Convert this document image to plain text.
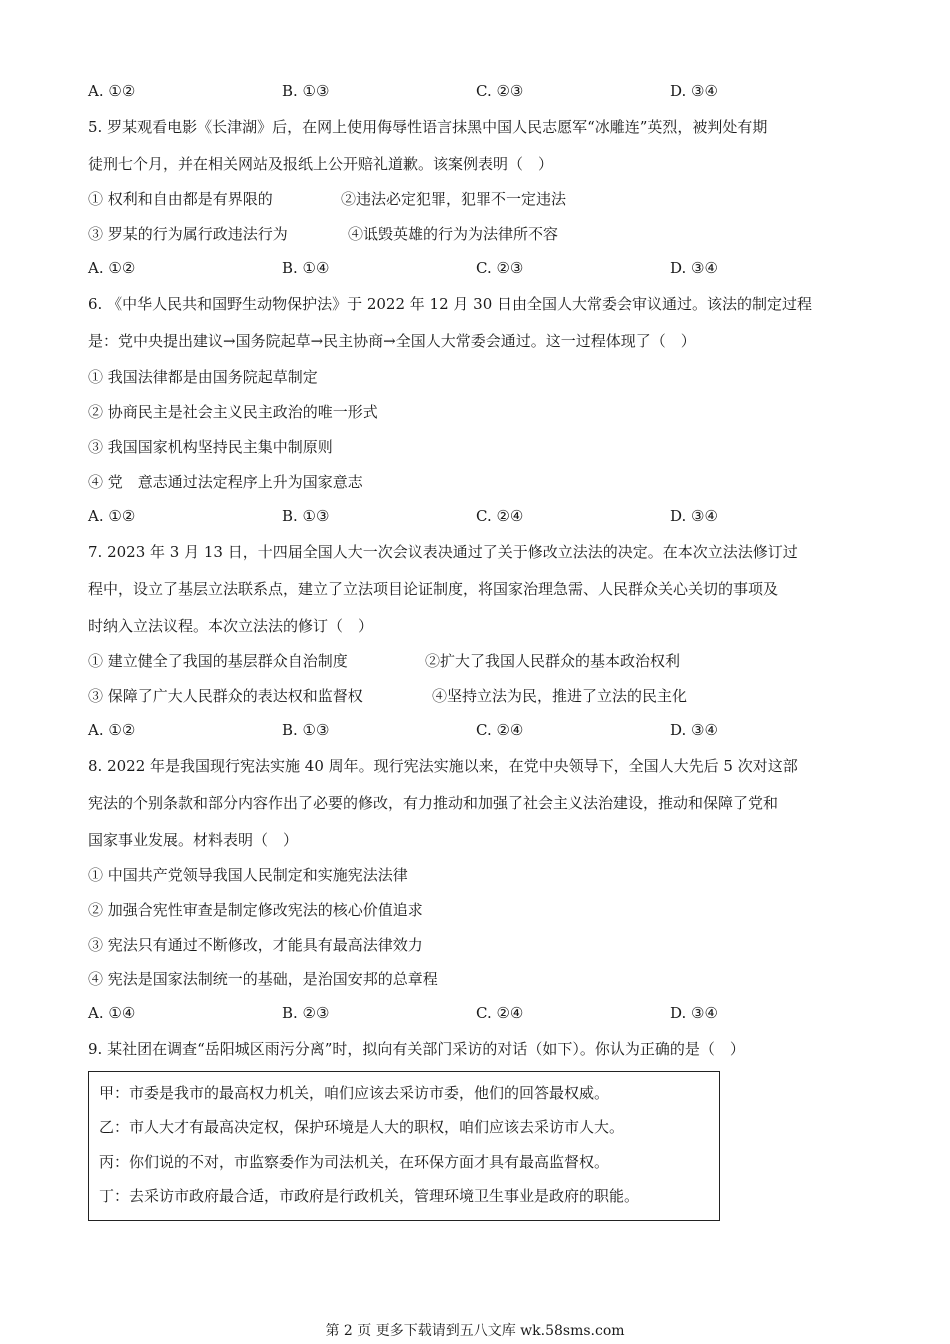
A. ①②	B. ①③	C. ②③	D. ③④
5. 罗某观看电影《长津湖》后，在网上使用侮辱性语言抹黑中国人民志愿军“冰雕连”英烈，被判处有期
徒刑七个月，并在相关网站及报纸上公开赔礼道歉。该案例表明（　）
① 权利和自由都是有界限的	②违法必定犯罪，犯罪不一定违法
③ 罗某的行为属行政违法行为	④诋毁英雄的行为为法律所不容
A. ①②	B. ①④	C. ②③	D. ③④
6. 《中华人民共和国野生动物保护法》于 2022 年 12 月 30 日由全国人大常委会审议通过。该法的制定过程
是：党中央提出建议→国务院起草→民主协商→全国人大常委会通过。这一过程体现了（　）
① 我国法律都是由国务院起草制定
② 协商民主是社会主义民主政治的唯一形式
③ 我国国家机构坚持民主集中制原则
④ 党　意志通过法定程序上升为国家意志
A. ①②	B. ①③	C. ②④	D. ③④
7. 2023 年 3 月 13 日，十四届全国人大一次会议表决通过了关于修改立法法的决定。在本次立法法修订过
程中，设立了基层立法联系点，建立了立法项目论证制度，将国家治理急需、人民群众关心关切的事项及
时纳入立法议程。本次立法法的修订（　）
① 建立健全了我国的基层群众自治制度	②扩大了我国人民群众的基本政治权利
③ 保障了广大人民群众的表达权和监督权	④坚持立法为民，推进了立法的民主化
A. ①②	B. ①③	C. ②④	D. ③④
8. 2022 年是我国现行宪法实施 40 周年。现行宪法实施以来，在党中央领导下，全国人大先后 5 次对这部
宪法的个别条款和部分内容作出了必要的修改，有力推动和加强了社会主义法治建设，推动和保障了党和
国家事业发展。材料表明（　）
① 中国共产党领导我国人民制定和实施宪法法律
② 加强合宪性审查是制定修改宪法的核心价值追求
③ 宪法只有通过不断修改，才能具有最高法律效力
④ 宪法是国家法制统一的基础，是治国安邦的总章程
A. ①④	B. ②③	C. ②④	D. ③④
9. 某社团在调查“岳阳城区雨污分离”时，拟向有关部门采访的对话（如下）。你认为正确的是（　）
甲：市委是我市的最高权力机关，咱们应该去采访市委，他们的回答最权威。
乙：市人大才有最高决定权，保护环境是人大的职权，咱们应该去采访市人大。
丙：你们说的不对，市监察委作为司法机关，在环保方面才具有最高监督权。
丁：去采访市政府最合适，市政府是行政机关，管理环境卫生事业是政府的职能。
第 2 页 更多下载请到五八文库 wk.58sms.com
